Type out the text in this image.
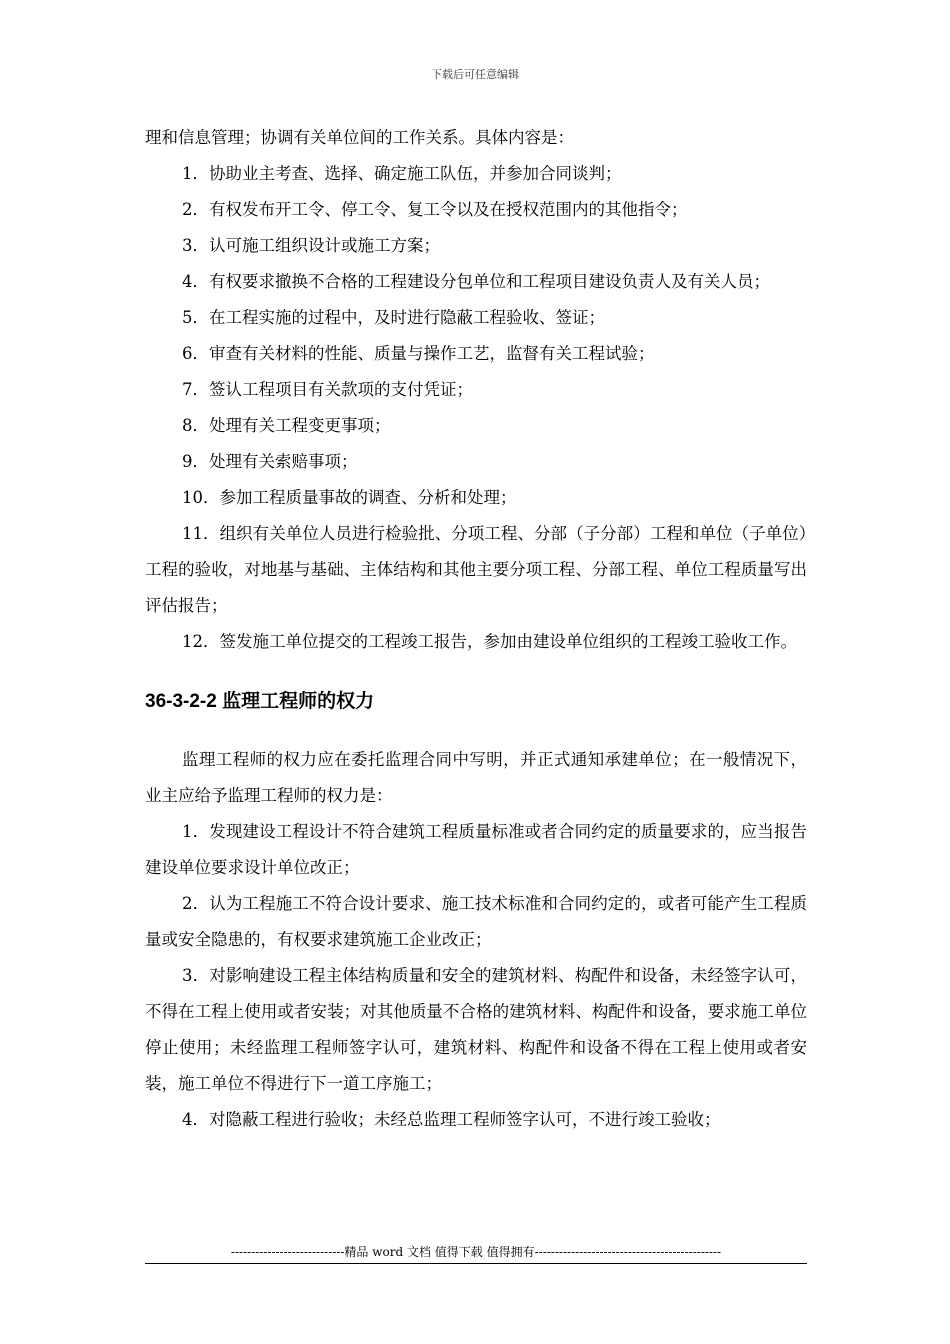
下载后可任意编辑

理和信息管理；协调有关单位间的工作关系。具体内容是：

1．协助业主考查、选择、确定施工队伍，并参加合同谈判；

2．有权发布开工令、停工令、复工令以及在授权范围内的其他指令；

3．认可施工组织设计或施工方案；

4．有权要求撤换不合格的工程建设分包单位和工程项目建设负责人及有关人员；

5．在工程实施的过程中，及时进行隐蔽工程验收、签证；

6．审查有关材料的性能、质量与操作工艺，监督有关工程试验；

7．签认工程项目有关款项的支付凭证；

8．处理有关工程变更事项；

9．处理有关索赔事项；

10．参加工程质量事故的调查、分析和处理；

11．组织有关单位人员进行检验批、分项工程、分部（子分部）工程和单位（子单位）工程的验收，对地基与基础、主体结构和其他主要分项工程、分部工程、单位工程质量写出评估报告；

12．签发施工单位提交的工程竣工报告，参加由建设单位组织的工程竣工验收工作。

36-3-2-2 监理工程师的权力

监理工程师的权力应在委托监理合同中写明，并正式通知承建单位；在一般情况下，业主应给予监理工程师的权力是：

1．发现建设工程设计不符合建筑工程质量标准或者合同约定的质量要求的，应当报告建设单位要求设计单位改正；

2．认为工程施工不符合设计要求、施工技术标准和合同约定的，或者可能产生工程质量或安全隐患的，有权要求建筑施工企业改正；

3．对影响建设工程主体结构质量和安全的建筑材料、构配件和设备，未经签字认可，不得在工程上使用或者安装；对其他质量不合格的建筑材料、构配件和设备，要求施工单位停止使用；未经监理工程师签字认可，建筑材料、构配件和设备不得在工程上使用或者安装，施工单位不得进行下一道工序施工；

4．对隐蔽工程进行验收；未经总监理工程师签字认可，不进行竣工验收；

----------------------------精品 word 文档 值得下载 值得拥有----------------------------------------------
